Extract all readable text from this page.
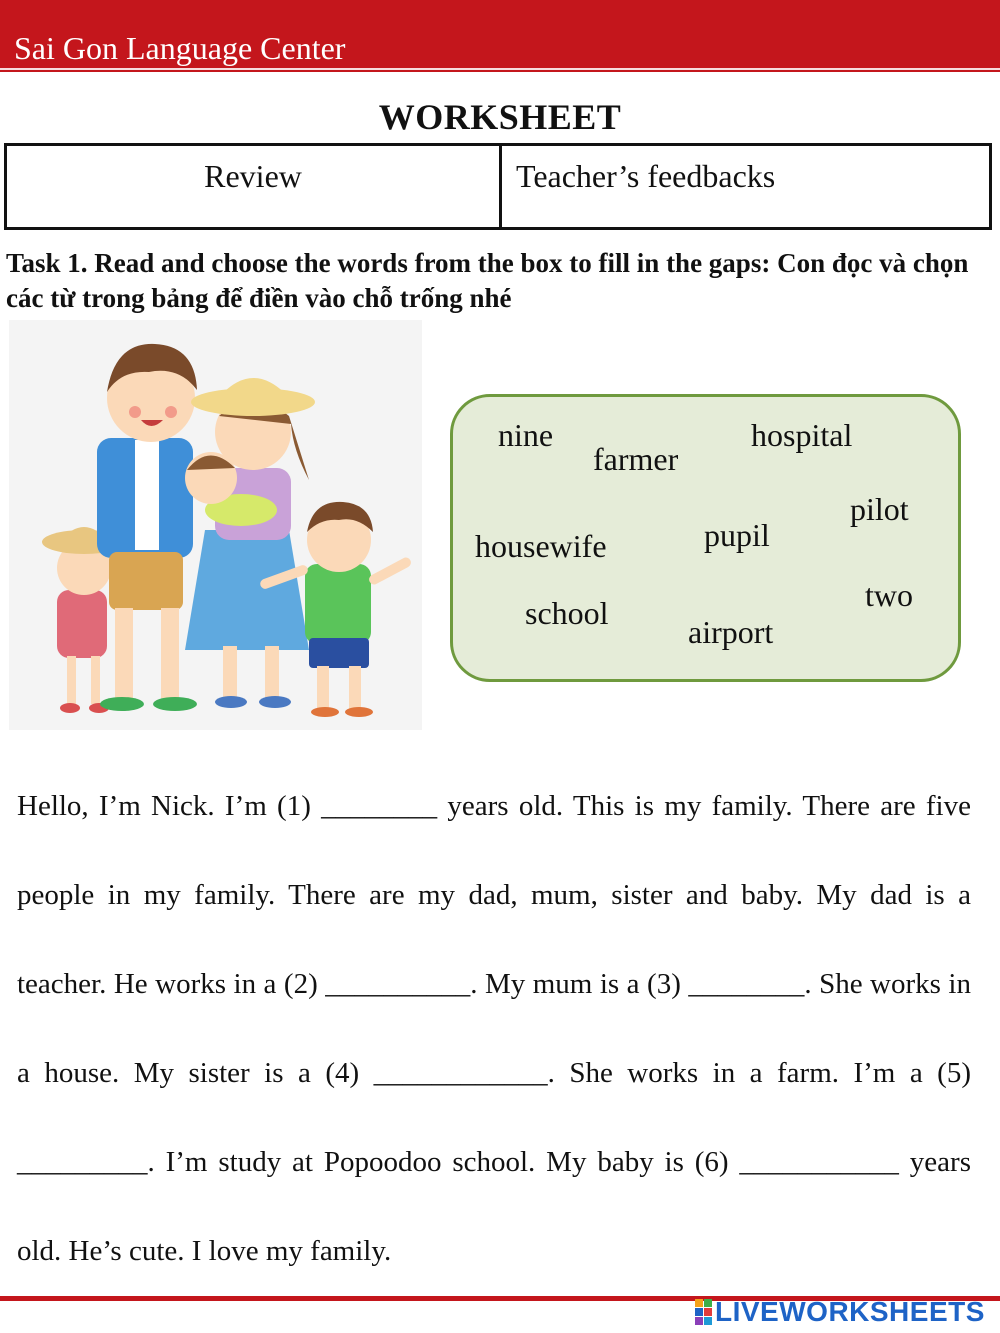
Sai Gon Language Center
WORKSHEET
Review	Teacher’s feedbacks
Task 1. Read and choose the words from the box to fill in the gaps: Con đọc và chọn các từ trong bảng để điền vào chỗ trống nhé
nine
farmer
hospital
pilot
housewife	pupil
two
school
airport

Hello, I’m Nick. I’m (1) ________ years old. This is my family. There are five people in my family. There are my dad, mum, sister and baby. My dad is a teacher. He works in a (2) __________. My mum is a (3) ________. She works in a house. My sister is a (4) ____________. She works in a farm. I’m a (5) _________. I’m study at Popoodoo school. My baby is (6) ___________ years old. He’s cute. I love my family.

LIVEWORKSHEETS
